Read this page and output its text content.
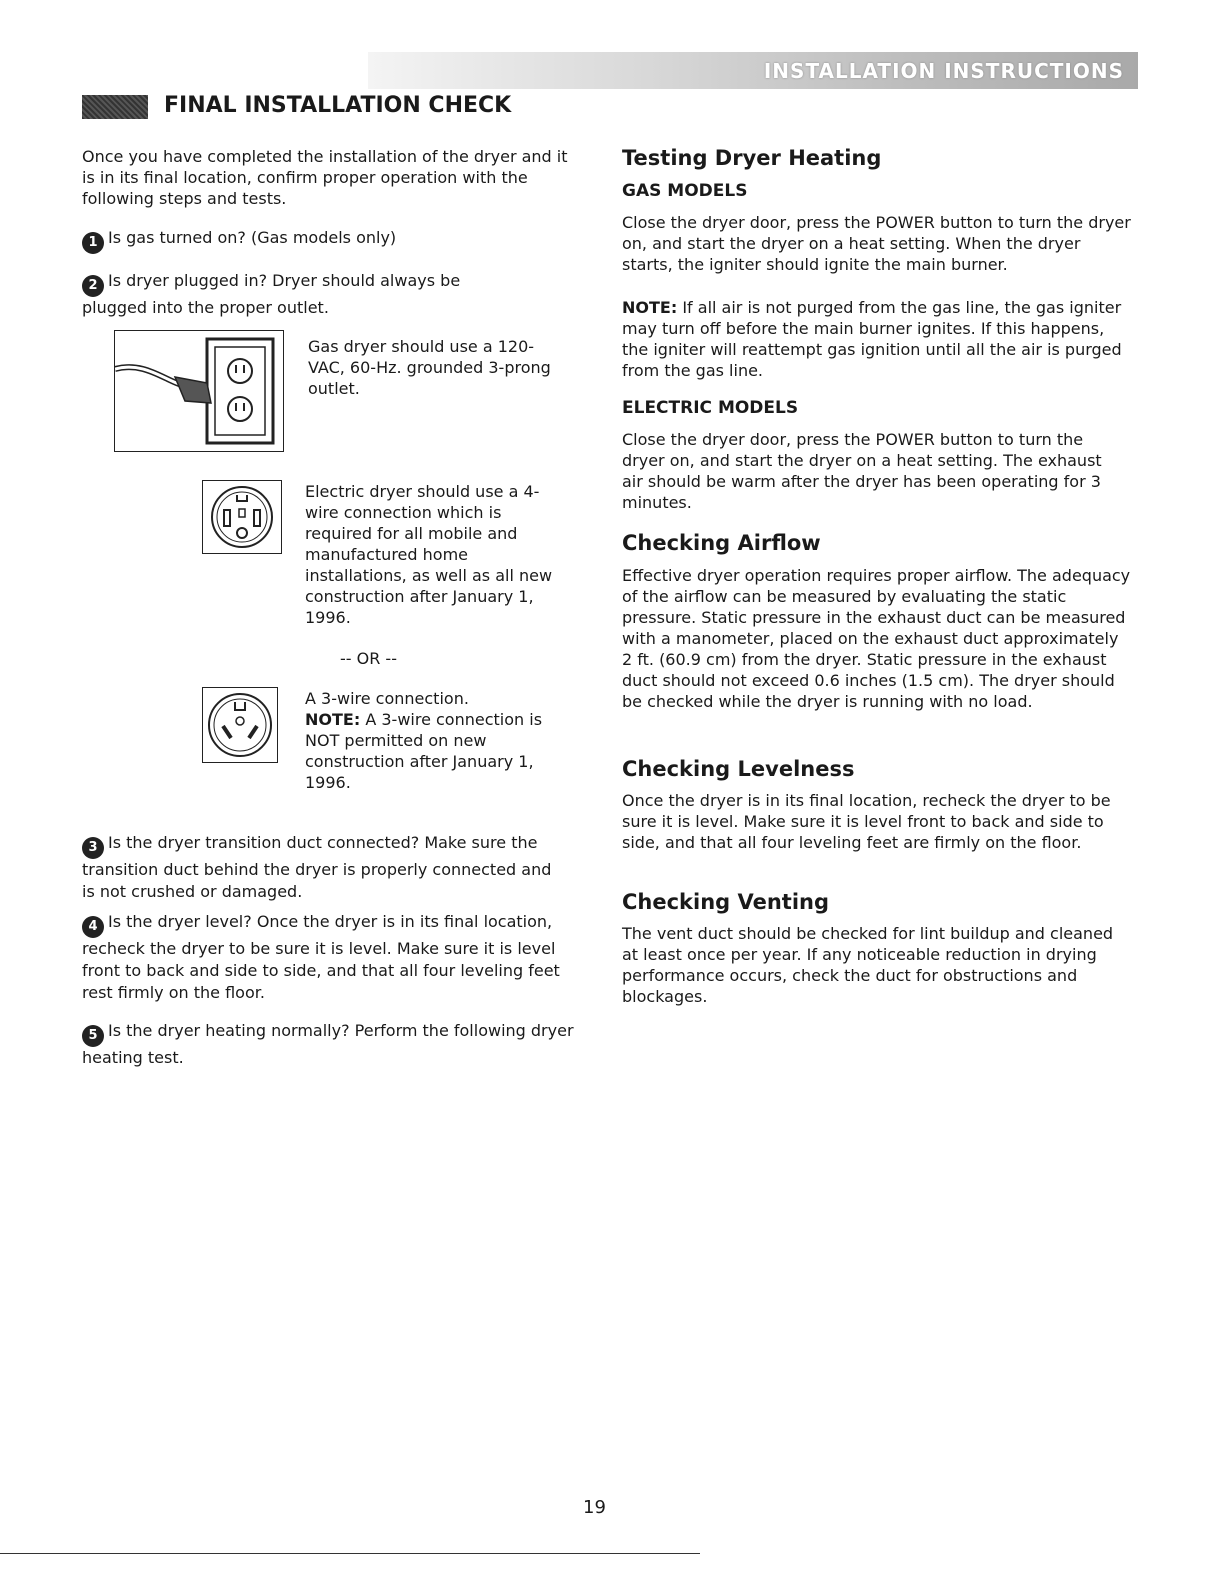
INSTALLATION INSTRUCTIONS
FINAL INSTALLATION CHECK

Once you have completed the installation of the dryer and it is in its final location, confirm proper operation with the following steps and tests.

1 Is gas turned on? (Gas models only)
2 Is dryer plugged in? Dryer should always be plugged into the proper outlet.

Gas dryer should use a 120-VAC, 60-Hz. grounded 3-prong outlet.

Electric dryer should use a 4-wire connection which is required for all mobile and manufactured home installations, as well as all new construction after January 1, 1996.

-- OR --

A 3-wire connection.
NOTE: A 3-wire connection is NOT permitted on new construction after January 1, 1996.
3 Is the dryer transition duct connected? Make sure the transition duct behind the dryer is properly connected and is not crushed or damaged.
4 Is the dryer level? Once the dryer is in its final location, recheck the dryer to be sure it is level. Make sure it is level front to back and side to side, and that all four leveling feet rest firmly on the floor.
5 Is the dryer heating normally? Perform the following dryer heating test.
Testing Dryer Heating
GAS MODELS

Close the dryer door, press the POWER button to turn the dryer on, and start the dryer on a heat setting. When the dryer starts, the igniter should ignite the main burner.

NOTE: If all air is not purged from the gas line, the gas igniter may turn off before the main burner ignites. If this happens, the igniter will reattempt gas ignition until all the air is purged from the gas line.

ELECTRIC MODELS

Close the dryer door, press the POWER button to turn the dryer on, and start the dryer on a heat setting. The exhaust air should be warm after the dryer has been operating for 3 minutes.

Checking Airflow

Effective dryer operation requires proper airflow. The adequacy of the airflow can be measured by evaluating the static pressure. Static pressure in the exhaust duct can be measured with a manometer, placed on the exhaust duct approximately 2 ft. (60.9 cm) from the dryer. Static pressure in the exhaust duct should not exceed 0.6 inches (1.5 cm). The dryer should be checked while the dryer is running with no load.

Checking Levelness

Once the dryer is in its final location, recheck the dryer to be sure it is level. Make sure it is level front to back and side to side, and that all four leveling feet are firmly on the floor.

Checking Venting

The vent duct should be checked for lint buildup and cleaned at least once per year. If any noticeable reduction in drying performance occurs, check the duct for obstructions and blockages.

19
